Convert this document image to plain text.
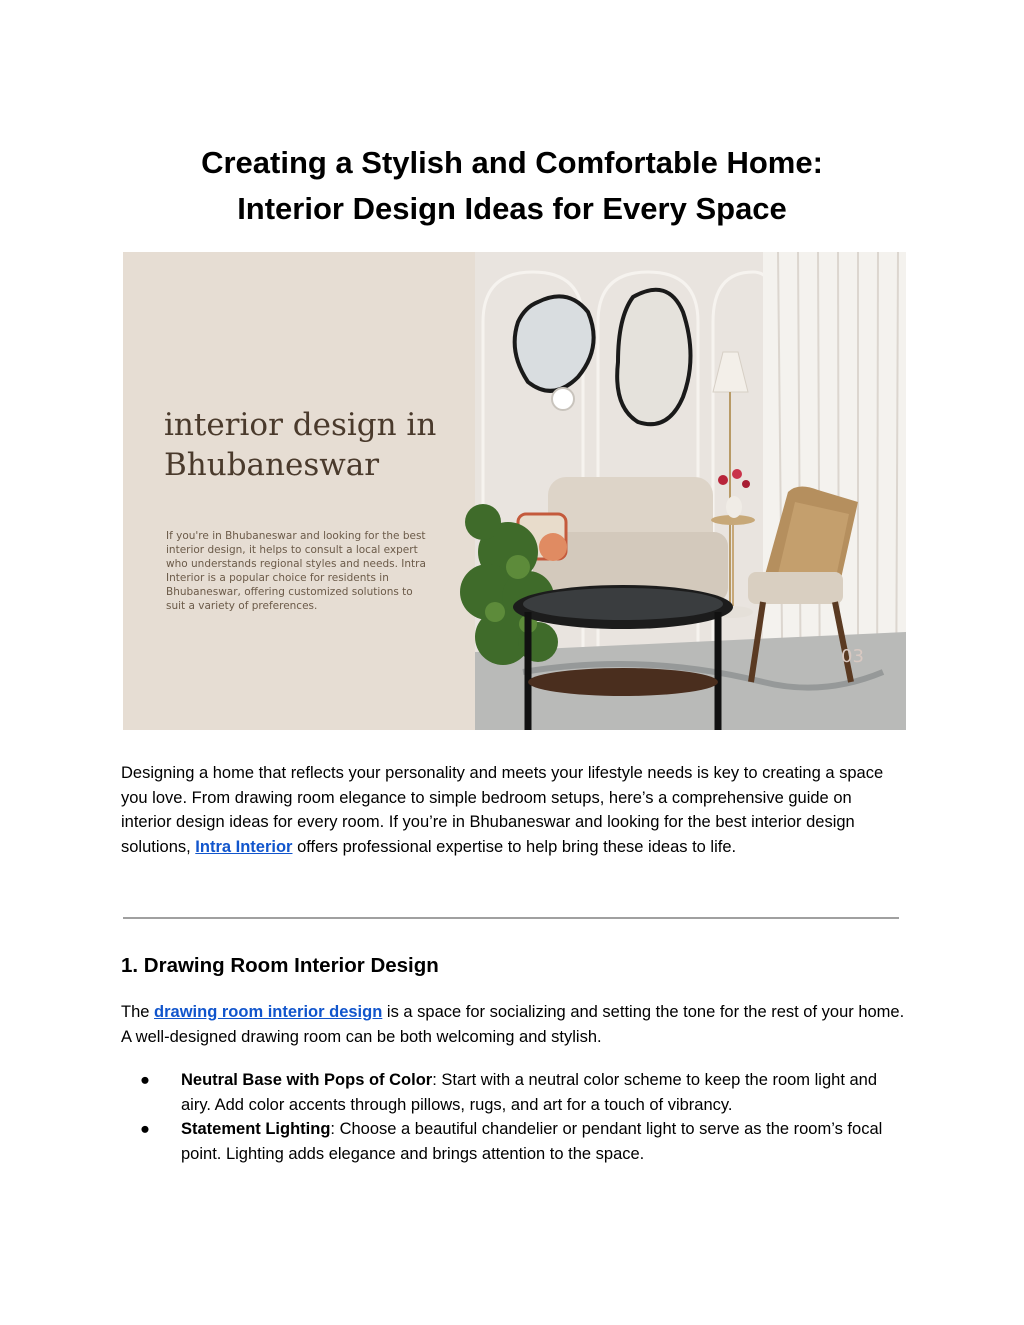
Creating a Stylish and Comfortable Home:
Interior Design Ideas for Every Space
interior design in
Bhubaneswar
If you're in Bhubaneswar and looking for the best
interior design, it helps to consult a local expert
who understands regional styles and needs. Intra
Interior is a popular choice for residents in
Bhubaneswar, offering customized solutions to
suit a variety of preferences.
03

Designing a home that reflects your personality and meets your lifestyle needs is key to creating a space you love. From drawing room elegance to simple bedroom setups, here’s a comprehensive guide on interior design ideas for every room. If you’re in Bhubaneswar and looking for the best interior design solutions, Intra Interior offers professional expertise to help bring these ideas to life.

1. Drawing Room Interior Design

The drawing room interior design is a space for socializing and setting the tone for the rest of your home. A well-designed drawing room can be both welcoming and stylish.

● Neutral Base with Pops of Color: Start with a neutral color scheme to keep the room light and airy. Add color accents through pillows, rugs, and art for a touch of vibrancy.
● Statement Lighting: Choose a beautiful chandelier or pendant light to serve as the room’s focal point. Lighting adds elegance and brings attention to the space.
